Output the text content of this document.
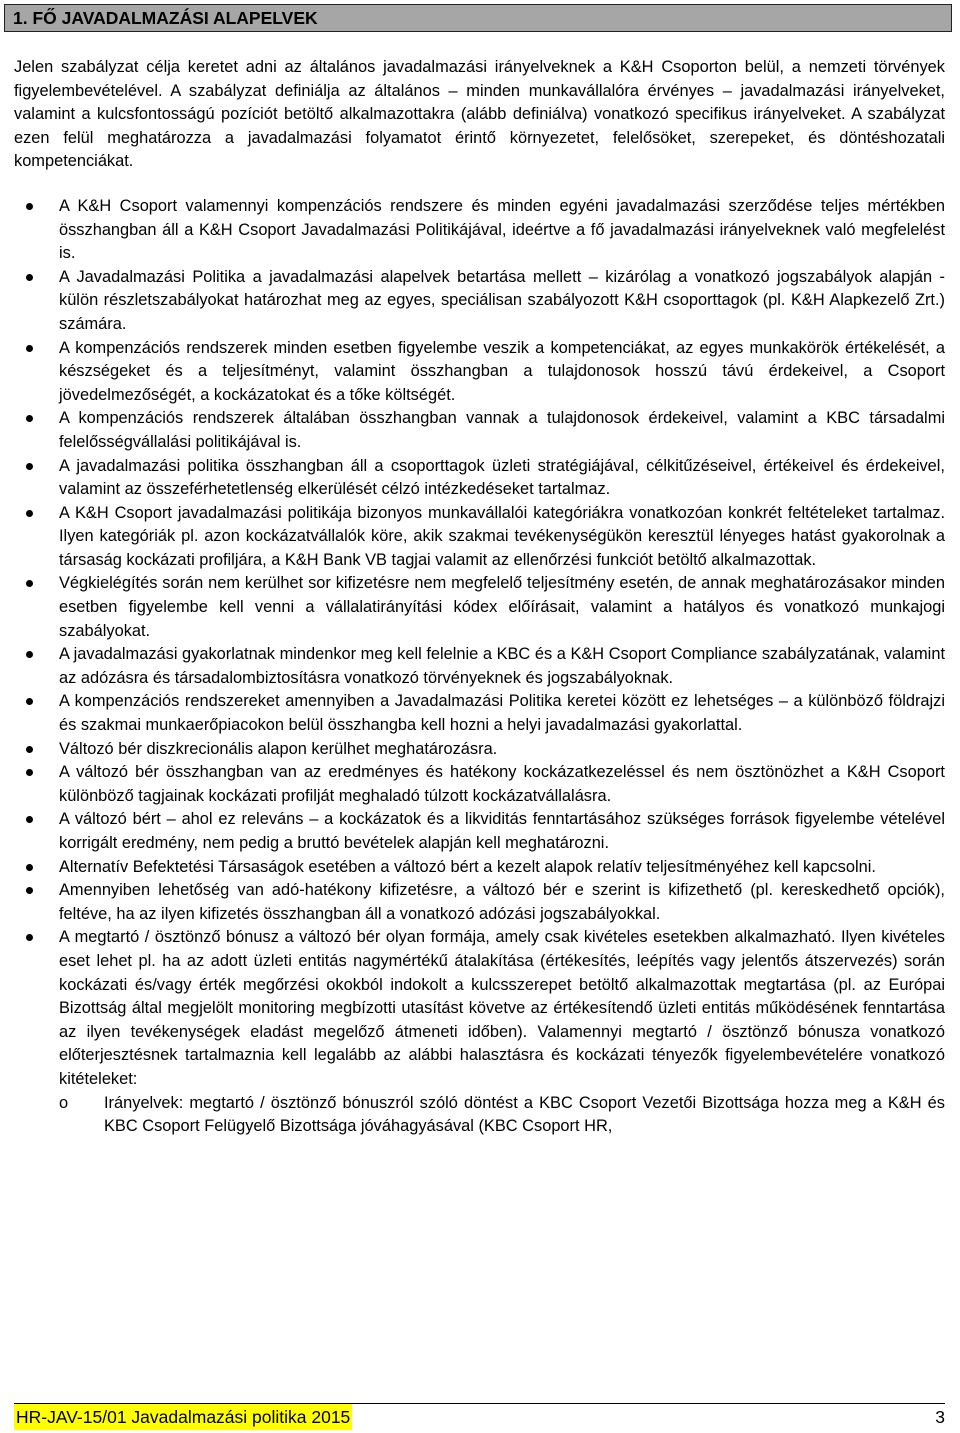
1. FŐ JAVADALMAZÁSI ALAPELVEK

Jelen szabályzat célja keretet adni az általános javadalmazási irányelveknek a K&H Csoporton belül, a nemzeti törvények figyelembevételével. A szabályzat definiálja az általános – minden munkavállalóra érvényes – javadalmazási irányelveket, valamint a kulcsfontosságú pozíciót betöltő alkalmazottakra (alább definiálva) vonatkozó specifikus irányelveket. A szabályzat ezen felül meghatározza a javadalmazási folyamatot érintő környezetet, felelősöket, szerepeket, és döntéshozatali kompetenciákat.

A K&H Csoport valamennyi kompenzációs rendszere és minden egyéni javadalmazási szerződése teljes mértékben összhangban áll a K&H Csoport Javadalmazási Politikájával, ideértve a fő javadalmazási irányelveknek való megfelelést is.
A Javadalmazási Politika a javadalmazási alapelvek betartása mellett – kizárólag a vonatkozó jogszabályok alapján - külön részletszabályokat határozhat meg az egyes, speciálisan szabályozott K&H csoporttagok (pl. K&H Alapkezelő Zrt.) számára.
A kompenzációs rendszerek minden esetben figyelembe veszik a kompetenciákat, az egyes munkakörök értékelését, a készségeket és a teljesítményt, valamint összhangban a tulajdonosok hosszú távú érdekeivel, a Csoport jövedelmezőségét, a kockázatokat és a tőke költségét.
A kompenzációs rendszerek általában összhangban vannak a tulajdonosok érdekeivel, valamint a KBC társadalmi felelősségvállalási politikájával is.
A javadalmazási politika összhangban áll a csoporttagok üzleti stratégiájával, célkitűzéseivel, értékeivel és érdekeivel, valamint az összeférhetetlenség elkerülését célzó intézkedéseket tartalmaz.
A K&H Csoport javadalmazási politikája bizonyos munkavállalói kategóriákra vonatkozóan konkrét feltételeket tartalmaz. Ilyen kategóriák pl. azon kockázatvállalók köre, akik szakmai tevékenységükön keresztül lényeges hatást gyakorolnak a társaság kockázati profiljára, a K&H Bank VB tagjai valamit az ellenőrzési funkciót betöltő alkalmazottak.
Végkielégítés során nem kerülhet sor kifizetésre nem megfelelő teljesítmény esetén, de annak meghatározásakor minden esetben figyelembe kell venni a vállalatirányítási kódex előírásait, valamint a hatályos és vonatkozó munkajogi szabályokat.
A javadalmazási gyakorlatnak mindenkor meg kell felelnie a KBC és a K&H Csoport Compliance szabályzatának, valamint az adózásra és társadalombiztosításra vonatkozó törvényeknek és jogszabályoknak.
A kompenzációs rendszereket amennyiben a Javadalmazási Politika keretei között ez lehetséges – a különböző földrajzi és szakmai munkaerőpiacokon belül összhangba kell hozni a helyi javadalmazási gyakorlattal.
Változó bér diszkrecionális alapon kerülhet meghatározásra.
A változó bér összhangban van az eredményes és hatékony kockázatkezeléssel és nem ösztönözhet a K&H Csoport különböző tagjainak kockázati profilját meghaladó túlzott kockázatvállalásra.
A változó bért – ahol ez releváns – a kockázatok és a likviditás fenntartásához szükséges források figyelembe vételével korrigált eredmény, nem pedig a bruttó bevételek alapján kell meghatározni.
Alternatív Befektetési Társaságok esetében a változó bért a kezelt alapok relatív teljesítményéhez kell kapcsolni.
Amennyiben lehetőség van adó-hatékony kifizetésre, a változó bér e szerint is kifizethető (pl. kereskedhető opciók), feltéve, ha az ilyen kifizetés összhangban áll a vonatkozó adózási jogszabályokkal.
A megtartó / ösztönző bónusz a változó bér olyan formája, amely csak kivételes esetekben alkalmazható. Ilyen kivételes eset lehet pl. ha az adott üzleti entitás nagymértékű átalakítása (értékesítés, leépítés vagy jelentős átszervezés) során kockázati és/vagy érték megőrzési okokból indokolt a kulcsszerepet betöltő alkalmazottak megtartása (pl. az Európai Bizottság által megjelölt monitoring megbízotti utasítást követve az értékesítendő üzleti entitás működésének fenntartása az ilyen tevékenységek eladást megelőző átmeneti időben). Valamennyi megtartó / ösztönző bónusza vonatkozó előterjesztésnek tartalmaznia kell legalább az alábbi halasztásra és kockázati tényezők figyelembevételére vonatkozó kitételeket:
o Irányelvek: megtartó / ösztönző bónuszról szóló döntést a KBC Csoport Vezetői Bizottsága hozza meg a K&H és KBC Csoport Felügyelő Bizottsága jóváhagyásával (KBC Csoport HR,
HR-JAV-15/01 Javadalmazási politika 2015	3
